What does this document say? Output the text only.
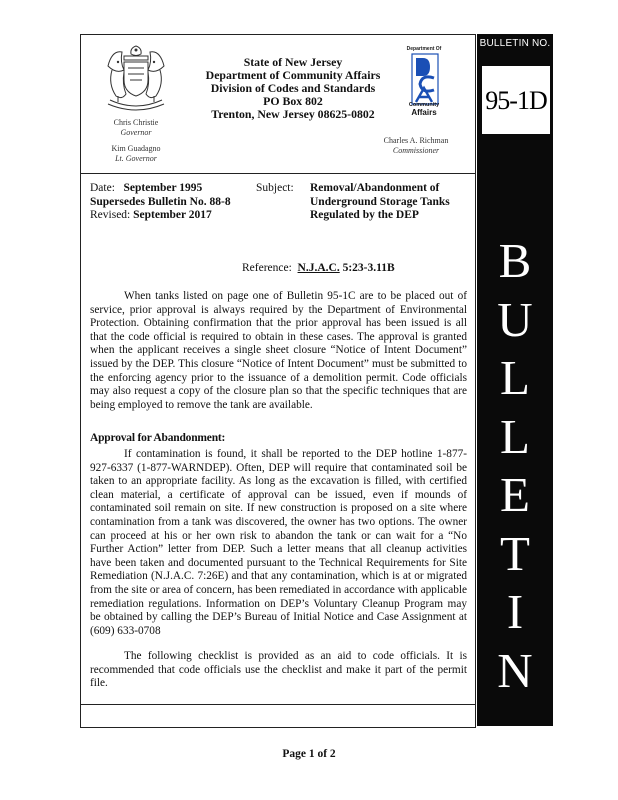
BULLETIN NO.
95-1D
B
U
L
L
E
T
I
N
Chris Christie
Governor
Kim Guadagno
Lt. Governor
State of New Jersey
Department of Community Affairs
Division of Codes and Standards
PO Box 802
Trenton, New Jersey 08625-0802
Department Of
Community
Affairs
Charles A. Richman
Commissioner
Date: September 1995
Supersedes Bulletin No. 88-8
Revised: September 2017
Subject:	Removal/Abandonment of
Underground Storage Tanks
Regulated by the DEP
Reference: N.J.A.C. 5:23-3.11B

When tanks listed on page one of Bulletin 95-1C are to be placed out of service, prior approval is always required by the Department of Environmental Protection. Obtaining confirmation that the prior approval has been issued is all that the code official is required to obtain in these cases. The approval is granted when the applicant receives a single sheet closure “Notice of Intent Document” issued by the DEP. This closure “Notice of Intent Document” must be submitted to the enforcing agency prior to the issuance of a demolition permit. Code officials may also request a copy of the closure plan so that the specific techniques that are being employed to remove the tank are available.

Approval for Abandonment:

If contamination is found, it shall be reported to the DEP hotline 1-877-927-6337 (1-877-WARNDEP). Often, DEP will require that contaminated soil be taken to an appropriate facility. As long as the excavation is filled, with certified clean material, a certificate of approval can be issued, even if mounds of contaminated soil remain on site. If new construction is proposed on a site where contamination from a tank was discovered, the owner has two options. The owner can proceed at his or her own risk to abandon the tank or can wait for a “No Further Action” letter from DEP. Such a letter means that all cleanup activities have been taken and documented pursuant to the Technical Requirements for Site Remediation (N.J.A.C. 7:26E) and that any contamination, which is at or migrated from the site or area of concern, has been remediated in accordance with applicable remediation regulations. Information on DEP’s Voluntary Cleanup Program may be obtained by calling the DEP’s Bureau of Initial Notice and Case Assignment at (609) 633-0708

The following checklist is provided as an aid to code officials. It is recommended that code officials use the checklist and make it part of the permit file.

Page 1 of 2
